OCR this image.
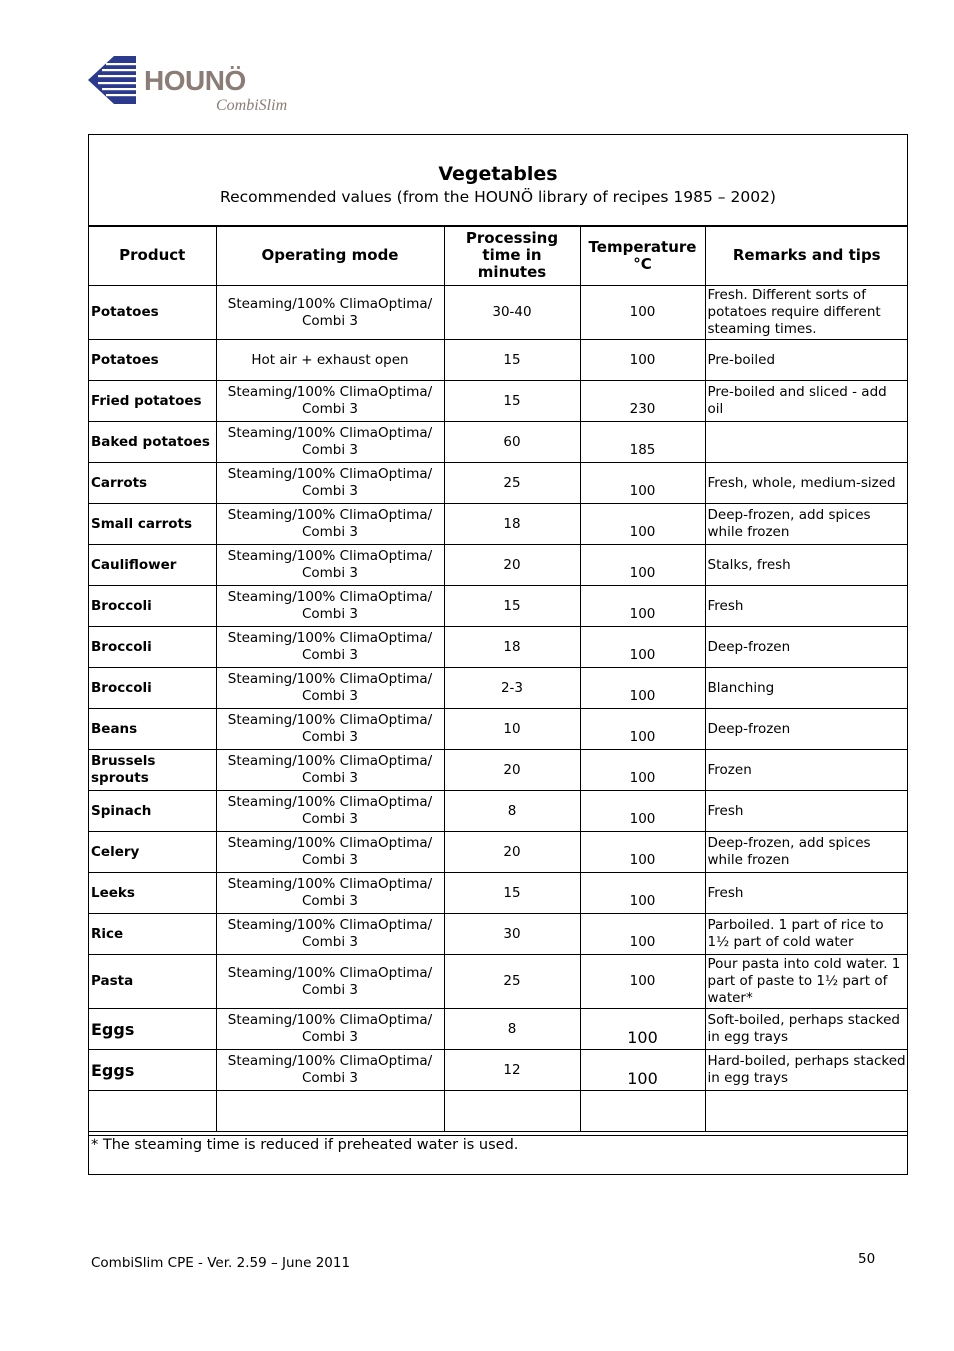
HOUNÖ
CombiSlim
Vegetables
Recommended values (from the HOUNÖ library of recipes 1985 – 2002)
Product	Operating mode	Processing time in minutes	Temperature °C	Remarks and tips
Potatoes	Steaming/100% ClimaOptima/ Combi 3	30-40	100	Fresh. Different sorts of potatoes require different steaming times.
Potatoes	Hot air + exhaust open	15	100	Pre-boiled
Fried potatoes	Steaming/100% ClimaOptima/ Combi 3	15	230	Pre-boiled and sliced - add oil
Baked potatoes	Steaming/100% ClimaOptima/ Combi 3	60	185	
Carrots	Steaming/100% ClimaOptima/ Combi 3	25	100	Fresh, whole, medium-sized
Small carrots	Steaming/100% ClimaOptima/ Combi 3	18	100	Deep-frozen, add spices while frozen
Cauliflower	Steaming/100% ClimaOptima/ Combi 3	20	100	Stalks, fresh
Broccoli	Steaming/100% ClimaOptima/ Combi 3	15	100	Fresh
Broccoli	Steaming/100% ClimaOptima/ Combi 3	18	100	Deep-frozen
Broccoli	Steaming/100% ClimaOptima/ Combi 3	2-3	100	Blanching
Beans	Steaming/100% ClimaOptima/ Combi 3	10	100	Deep-frozen
Brussels sprouts	Steaming/100% ClimaOptima/ Combi 3	20	100	Frozen
Spinach	Steaming/100% ClimaOptima/ Combi 3	8	100	Fresh
Celery	Steaming/100% ClimaOptima/ Combi 3	20	100	Deep-frozen, add spices while frozen
Leeks	Steaming/100% ClimaOptima/ Combi 3	15	100	Fresh
Rice	Steaming/100% ClimaOptima/ Combi 3	30	100	Parboiled. 1 part of rice to 1½ part of cold water
Pasta	Steaming/100% ClimaOptima/ Combi 3	25	100	Pour pasta into cold water. 1 part of paste to 1½ part of water*
Eggs	Steaming/100% ClimaOptima/ Combi 3	8	100	Soft-boiled, perhaps stacked in egg trays
Eggs	Steaming/100% ClimaOptima/ Combi 3	12	100	Hard-boiled, perhaps stacked in egg trays

* The steaming time is reduced if preheated water is used.
CombiSlim CPE - Ver. 2.59 – June 2011	50
